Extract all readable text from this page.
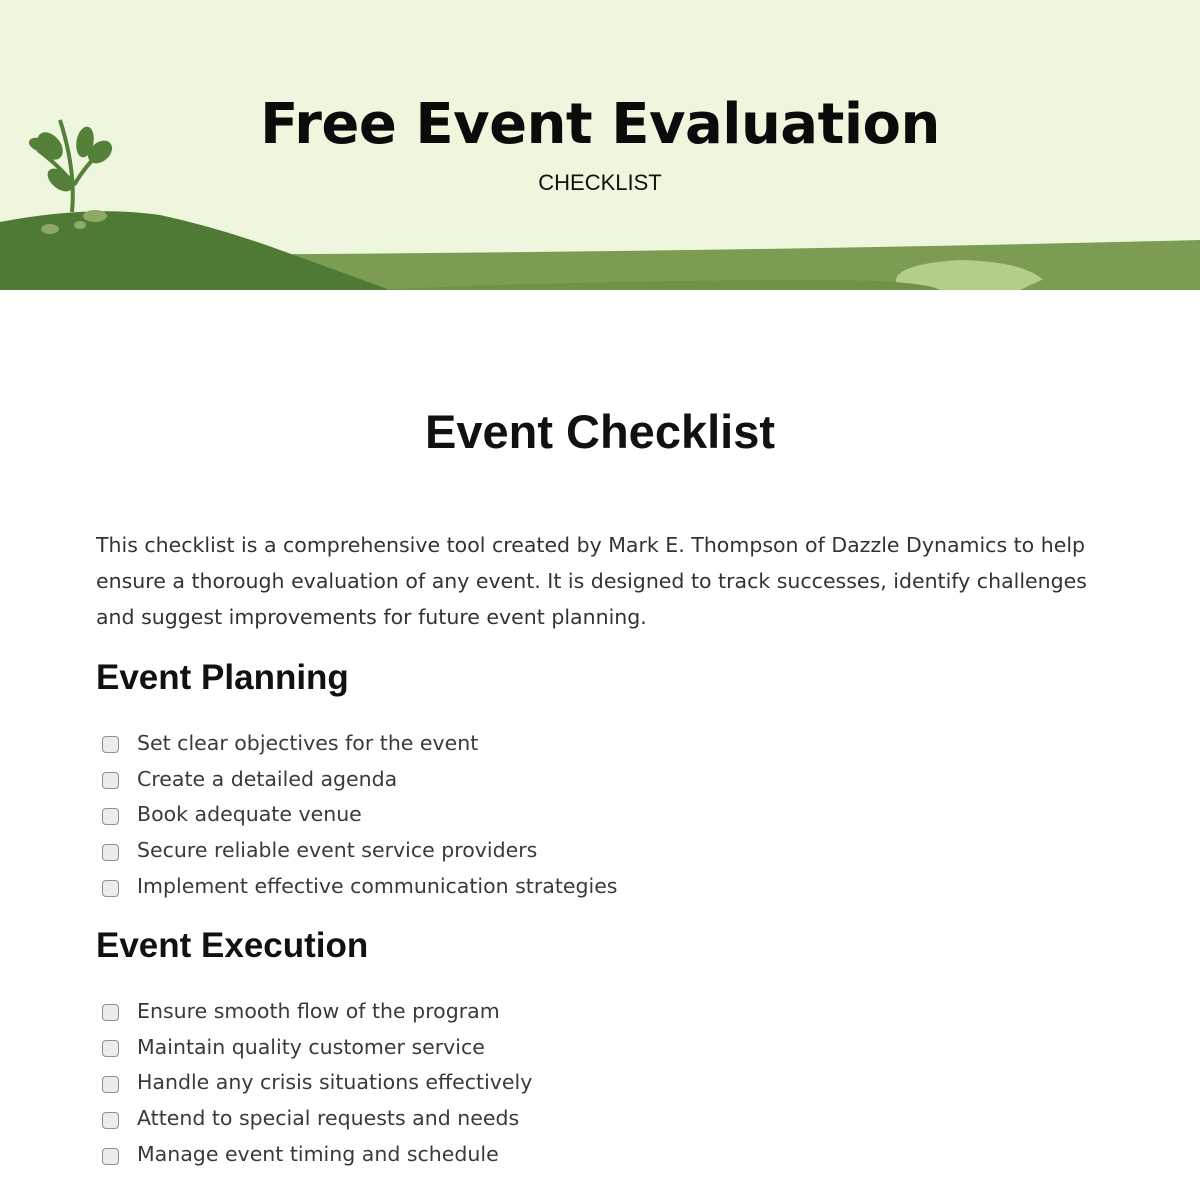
Free Event Evaluation
CHECKLIST
Event Checklist
This checklist is a comprehensive tool created by Mark E. Thompson of Dazzle Dynamics to help ensure a thorough evaluation of any event. It is designed to track successes, identify challenges and suggest improvements for future event planning.
Event Planning
Set clear objectives for the event
Create a detailed agenda
Book adequate venue
Secure reliable event service providers
Implement effective communication strategies
Event Execution
Ensure smooth flow of the program
Maintain quality customer service
Handle any crisis situations effectively
Attend to special requests and needs
Manage event timing and schedule
